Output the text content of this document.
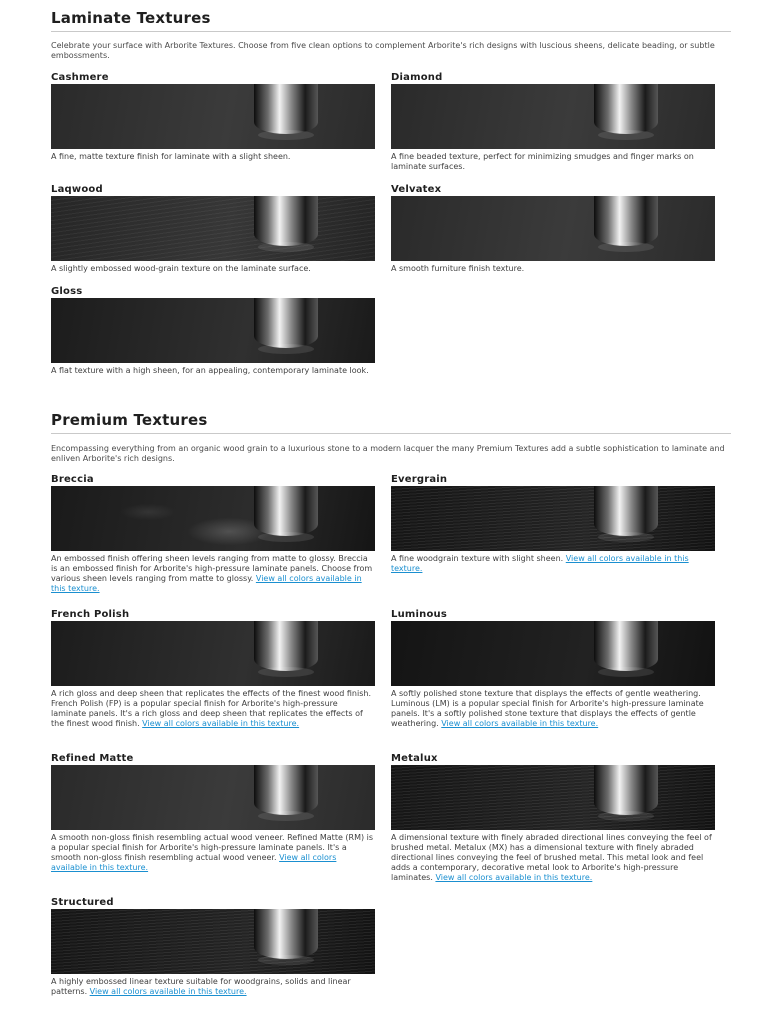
Laminate Textures

Celebrate your surface with Arborite Textures. Choose from five clean options to complement Arborite's rich designs with luscious sheens, delicate beading, or subtle embossments.

Cashmere

A fine, matte texture finish for laminate with a slight sheen.

Diamond

A fine beaded texture, perfect for minimizing smudges and finger marks on laminate surfaces.

Laqwood

A slightly embossed wood-grain texture on the laminate surface.

Velvatex

A smooth furniture finish texture.

Gloss

A flat texture with a high sheen, for an appealing, contemporary laminate look.

Premium Textures

Encompassing everything from an organic wood grain to a luxurious stone to a modern lacquer the many Premium Textures add a subtle sophistication to laminate and enliven Arborite's rich designs.

Breccia

An embossed finish offering sheen levels ranging from matte to glossy. Breccia is an embossed finish for Arborite's high-pressure laminate panels. Choose from various sheen levels ranging from matte to glossy. View all colors available in this texture.

Evergrain

A fine woodgrain texture with slight sheen. View all colors available in this texture.

French Polish

A rich gloss and deep sheen that replicates the effects of the finest wood finish. French Polish (FP) is a popular special finish for Arborite's high-pressure laminate panels. It's a rich gloss and deep sheen that replicates the effects of the finest wood finish. View all colors available in this texture.

Luminous

A softly polished stone texture that displays the effects of gentle weathering. Luminous (LM) is a popular special finish for Arborite's high-pressure laminate panels. It's a softly polished stone texture that displays the effects of gentle weathering. View all colors available in this texture.

Refined Matte

A smooth non-gloss finish resembling actual wood veneer. Refined Matte (RM) is a popular special finish for Arborite's high-pressure laminate panels. It's a smooth non-gloss finish resembling actual wood veneer. View all colors available in this texture.

Metalux

A dimensional texture with finely abraded directional lines conveying the feel of brushed metal. Metalux (MX) has a dimensional texture with finely abraded directional lines conveying the feel of brushed metal. This metal look and feel adds a contemporary, decorative metal look to Arborite's high-pressure laminates. View all colors available in this texture.

Structured

A highly embossed linear texture suitable for woodgrains, solids and linear patterns. View all colors available in this texture.
